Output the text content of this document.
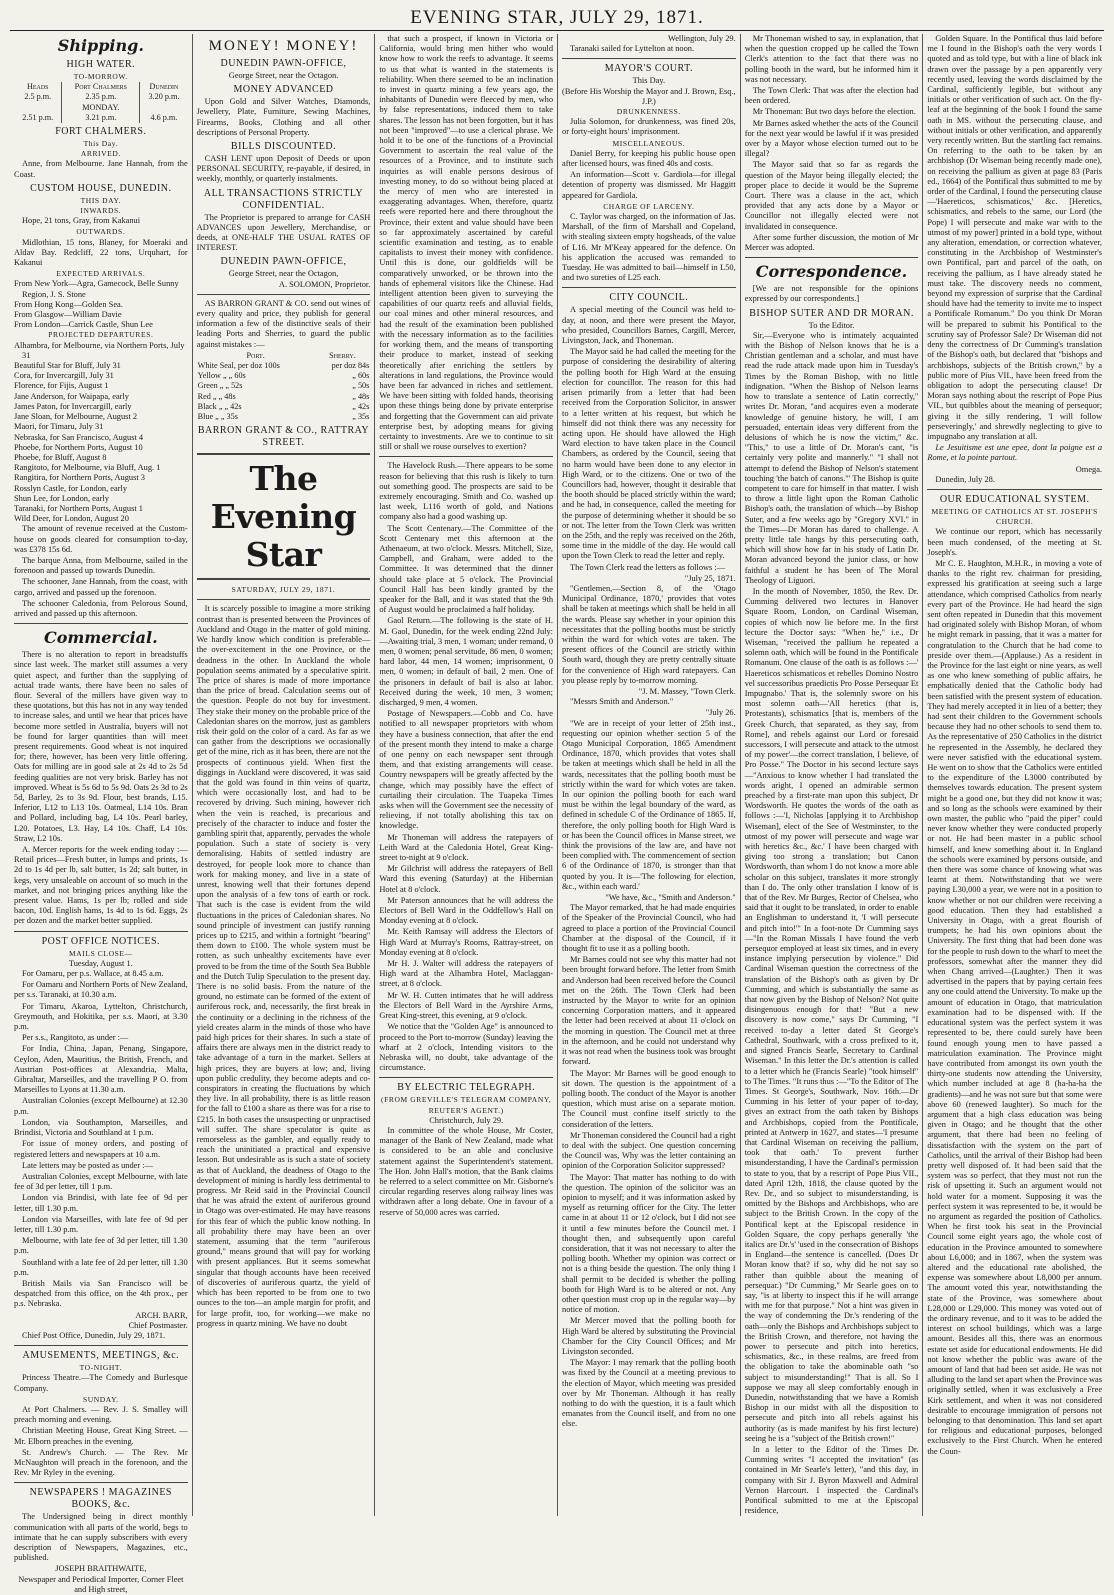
EVENING STAR, JULY 29, 1871.
Shipping.
HIGH WATER.
TO-MORROW.
Heads	Port Chalmers	Dunedin
2.5 p.m.	2.35 p.m.	3.20 p.m.
	MONDAY.	
2.51 p.m.	3.21 p.m.	4.6 p.m.
FORT CHALMERS.
This Day.
ARRIVED.

Anne, from Melbourne. Jane Hannah, from the Coast.

CUSTOM HOUSE, DUNEDIN.
THIS DAY.
INWARDS.

Hope, 21 tons, Gray, from Kakanui

OUTWARDS.

Midlothian, 15 tons, Blaney, for Moeraki and Aldav Bay. Redcliff, 22 tons, Urquhart, for Kakanui

EXPECTED ARRIVALS.
From New York—Agra, Gamecock, Belle Sunny Region, J. S. Stone
From Hong Kong—Golden Sea.
From Glasgow—William Davie
From London—Carrick Castle, Shun Lee
PROJECTED DEPARTURES.
Alhambra, for Melbourne, via Northern Ports, July 31
Beautiful Star for Bluff, July 31
Cora, for Invercargill, July 31
Florence, for Fijis, August 1
Jane Anderson, for Waipapa, early
James Paton, for Invercargill, early
Jane Sloan, for Melbourne, August 2
Maori, for Timaru, July 31
Nebraska, for San Francisco, August 4
Phoebe, for Northern Ports, August 10
Phoebe, for Bluff, August 8
Rangitoto, for Melbourne, via Bluff, Aug. 1
Rangitira, for Northern Ports, August 3
Rosslyn Castle, for London, early
Shun Lee, for London, early
Taranaki, for Northern Ports, August 1
Wild Deer, for London, August 20

The amount of revenue received at the Custom-house on goods cleared for consumption to-day, was £378 15s 6d.

The barque Anna, from Melbourne, sailed in the forenoon and passed up towards Dunedin.

The schooner, Jane Hannah, from the coast, with cargo, arrived and passed up the forenoon.

The schooner Caledonia, from Pelorous Sound, arrived and passed up this afternoon.

Commercial.

There is no alteration to report in breadstuffs since last week. The market still assumes a very quiet aspect, and further than the supplying of actual trade wants, there have been no sales of flour. Several of the millers have given way to these quotations, but this has not in any way tended to increase sales, and until we hear that prices have become more settled in Australia, buyers will not be found for larger quantities than will meet present requirements. Good wheat is not inquired for; there, however, has been very little offering. Oats for milling are in good sale at 2s 4d to 2s 5d feeding qualities are not very brisk. Barley has not improved. Wheat is 5s 6d to 5s 9d. Oats 2s 3d to 2s 5d, Barley, 2s to 3s 9d. Flour, best brands, L15. Inferior, L12 to L13 10s. Oatmeal, L14 10s. Bran and Pollard, including bag, L4 10s. Pearl barley, L20. Potatoes, L3. Hay, L4 10s. Chaff, L4 10s. Straw, L2 10s.

A. Mercer reports for the week ending today :—Retail prices—Fresh butter, in lumps and prints, 1s 2d to 1s 4d per lb, salt butter, 1s 2d; salt butter, in kegs, very unsaleable on account of so much in the market, and not bringing prices anything like the present value. Hams, 1s per lb; rolled and side bacon, 10d. English hams, 1s 4d to 1s 6d. Eggs, 2s per dozen and the market better supplied.

POST OFFICE NOTICES.
MAILS CLOSE—
Tuesday, August 1.

For Oamaru, per p.s. Wallace, at 8.45 a.m.

For Oamaru and Northern Ports of New Zealand, per s.s. Taranaki, at 10.30 a.m.

For Timaru, Akaroa, Lyttelton, Christchurch, Greymouth, and Hokitika, per s.s. Maori, at 3.30 p.m.

Per s.s., Rangitoto, as under :—

For India, China, Japan, Penang, Singapore, Ceylon, Aden, Mauritius, the British, French, and Austrian Post-offices at Alexandria, Malta, Gibraltar, Marseilles, and the travelling P O. from Marseilles to Lyons at 11.30 a.m.

Australian Colonies (except Melbourne) at 12.30 p.m.

London, via Southampton, Marseilles, and Brindisi, Victoria and Southland at 1 p.m.

For issue of money orders, and posting of registered letters and newspapers at 10 a.m.

Late letters may be posted as under :—

Australian Colonies, except Melbourne, with late fee of 3d per letter, till 1 p.m.

London via Brindisi, with late fee of 9d per letter, till 1.30 p.m.

London via Marseilles, with late fee of 9d per letter, till 1.30 p.m.

Melbourne, with late fee of 3d per letter, till 1.30 p.m.

Southland with a late fee of 2d per letter, till 1.30 p.m.

British Mails via San Francisco will be despatched from this office, on the 4th prox., per p.s. Nebraska.

ARCH. BARR,
Chief Postmaster.

Chief Post Office, Dunedin, July 29, 1871.

AMUSEMENTS, MEETINGS, &c.
TO-NIGHT.

Princess Theatre.—The Comedy and Burlesque Company.

SUNDAY.

At Port Chalmers. — Rev. J. S. Smalley will preach morning and evening.

Christian Meeting House, Great King Street. —Mr. Elborn preaches in the evening.

St. Andrew's Church. — The Rev. Mr McNaughton will preach in the forenoon, and the Rev. Mr Ryley in the evening.

NEWSPAPERS ! MAGAZINES BOOKS, &c.

The Undersigned being in direct monthly communication with all parts of the world, begs to intimate that he can supply subscribers with every description of Newspapers, Magazines, etc., published.

JOSEPH BRAITHWAITE,
Newspaper and Periodical Importer, Corner Fleet and High street,
MONEY! MONEY!
DUNEDIN PAWN-OFFICE,
George Street, near the Octagon.
MONEY ADVANCED

Upon Gold and Silver Watches, Diamonds, Jewellery, Plate, Furniture, Sewing Machines, Firearms, Books, Clothing and all other descriptions of Personal Property.

BILLS DISCOUNTED.

CASH LENT upon Deposit of Deeds or upon PERSONAL SECURITY, re-payable, if desired, in weekly, monthly, or quarterly instalments.

ALL TRANSACTIONS STRICTLY CONFIDENTIAL.

The Proprietor is prepared to arrange for CASH ADVANCES upon Jewellery, Merchandise, or deeds, at ONE-HALF THE USUAL RATES OF INTEREST.

DUNEDIN PAWN-OFFICE,
George Street, near the Octagon,
A. SOLOMON, Proprietor.

AS BARRON GRANT & CO. send out wines of every quality and price, they publish for general information a few of the distinctive seals of their leading Ports and Sherries, to guard the public against mistakes :—

Port.	Sherry.
White Seal, per doz 100s	per doz 84s
Yellow „ „ 60s	„ 60s
Green „ „ 52s	„ 50s
Red „ „ 48s	„ 48s
Black „ „ 42s	„ 42s
Blue „ „ 35s	„ 35s
BARRON GRANT & CO., RATTRAY STREET.
The Evening Star
SATURDAY, JULY 29, 1871.

It is scarcely possible to imagine a more striking contrast than is presented between the Provinces of Auckland and Otago in the matter of gold mining. We hardly know which condition is preferable—the over-excitement in the one Province, or the deadness in the other. In Auckland the whole population seems animated by a speculative spirit. The price of shares is made of more importance than the price of bread. Calculation seems out of the question. People do not buy for investment. They stake their money on the probable price of the Caledonian shares on the morrow, just as gamblers risk their gold on the color of a card. As far as we can gather from the descriptions we occasionally get of the mine, rich as it has been, there are not the prospects of continuous yield. When first the diggings in Auckland were discovered, it was said that the gold was found in thin veins of quartz, which were occasionally lost, and had to be recovered by driving. Such mining, however rich when the vein is reached, is precarious and precisely of the character to induce and foster the gambling spirit that, apparently, pervades the whole population. Such a state of society is very demoralising. Habits of settled industry are destroyed, for people look more to chance than work for making money, and live in a state of unrest, knowing well that their fortunes depend upon the analysis of a few tons of earth or rock. That such is the case is evident from the wild fluctuations in the prices of Caledonian shares. No sound principle of investment can justify running prices up to £215, and within a fortnight "bearing" them down to £100. The whole system must be rotten, as such unhealthy excitements have ever proved to be from the time of the South Sea Bubble and the Dutch Tulip Speculation to the present day. There is no solid basis. From the nature of the ground, no estimate can be formed of the extent of auriferous rock, and, necessarily, the first break in the continuity or a declining in the richness of the yield creates alarm in the minds of those who have paid high prices for their shares. In such a state of affairs there are always men in the district ready to take advantage of a turn in the market. Sellers at high prices, they are buyers at low; and, living upon public credulity, they become adepts and co-conspirators in creating the fluctuations by which they live. In all probability, there is as little reason for the fall to £100 a share as there was for a rise to £215. In both cases the unsuspecting or unpractised will suffer. The share speculator is quite as remorseless as the gambler, and equally ready to reach the uninitiated a practical and expensive lesson. But undesirable as is such a state of society as that of Auckland, the deadness of Otago to the development of mining is hardly less detrimental to progress. Mr Reid said in the Provincial Council that he was afraid the extent of auriferous ground in Otago was over-estimated. He may have reasons for this fear of which the public know nothing. In all probability there may have been an over statement, assuming that the term "auriferous ground," means ground that will pay for working with present appliances. But it seems somewhat singular that though accounts have been received of discoveries of auriferous quartz, the yield of which has been reported to be from one to two ounces to the ton—an ample margin for profit, and for large profit, too, for working—we make no progress in quartz mining. We have no doubt

that such a prospect, if known in Victoria or California, would bring men hither who would know how to work the reefs to advantage. It seems to us that what is wanted in the statements is reliability. When there seemed to be an inclination to invest in quartz mining a few years ago, the inhabitants of Dunedin were fleeced by men, who by false representations, induced them to take shares. The lesson has not been forgotten, but it has not been "improved"—to use a clerical phrase. We hold it to be one of the functions of a Provincial Government to ascertain the real value of the resources of a Province, and to institute such inquiries as will enable persons desirous of investing money, to do so without being placed at the mercy of men who are interested in exaggerating advantages. When, therefore, quartz reefs were reported here and there throughout the Province, their extent and value should have been so far approximately ascertained by careful scientific examination and testing, as to enable capitalists to invest their money with confidence. Until this is done, our goldfields will be comparatively unworked, or be thrown into the hands of ephemeral visitors like the Chinese. Had intelligent attention been given to surveying the capabilities of our quartz reefs and alluvial fields, our coal mines and other mineral resources, and had the result of the examination been published with the necessary information as to the facilities for working them, and the means of transporting their produce to market, instead of seeking theoretically after enriching the settlers by alterations in land regulations, the Province would have been far advanced in riches and settlement. We have been sitting with folded hands, theorising upon these things being done by private enterprise and forgetting that the Government can aid private enterprise best, by adopting means for giving certainty to investments. Are we to continue to sit still or shall we rouse ourselves to exertion?

The Havelock Rush.—There appears to be some reason for believing that this rush is likely to turn out something good. The prospects are said to be extremely encouraging. Smith and Co. washed up last week, L116 worth of gold, and Nations company also had a good washing up.

The Scott Centenary.—The Committee of the Scott Centenary met this afternoon at the Athenaeum, at two o'clock. Messrs. Mitchell, Size, Campbell, and Graham, were added to the Committee. It was determined that the dinner should take place at 5 o'clock. The Provincial Council Hall has been kindly granted by the speaker for the Ball, and it was stated that the 9th of August would be proclaimed a half holiday.

Gaol Return.—The following is the state of H. M. Gaol, Dunedin, for the week ending 22nd July:—Awaiting trial, 3 men, 1 woman; under remand, 0 men, 0 women; penal servitude, 86 men, 0 women; hard labor, 44 men, 14 women; imprisonment, 0 men, 0 women; in default of bail, 2 men. One of the prisoners in default of bail is also at labor. Received during the week, 10 men, 3 women; discharged, 9 men, 4 women.

Postage of Newspapers.—Cobb and Co. have notified to all newspaper proprietors with whom they have a business connection, that after the end of the present month they intend to make a charge of one penny on each newspaper sent through them, and that existing arrangements will cease. Country newspapers will be greatly affected by the change, which may possibly have the effect of curtailing their circulation. The Tuapeka Times asks when will the Government see the necessity of relieving, if not totally abolishing this tax on knowledge.

Mr Thoneman will address the ratepayers of Leith Ward at the Caledonia Hotel, Great King-street to-night at 9 o'clock.

Mr Gilchrist will address the ratepayers of Bell Ward this evening (Saturday) at the Hibernian Hotel at 8 o'clock.

Mr Paterson announces that he will address the Electors of Bell Ward in the Oddfellow's Hall on Monday evening at 8 o'clock.

Mr. Keith Ramsay will address the Electors of High Ward at Murray's Rooms, Rattray-street, on Monday evening at 8 o'clock.

Mr H. J. Walter will address the ratepayers of High ward at the Alhambra Hotel, Maclaggan-street, at 8 o'clock.

Mr W. H. Cutten intimates that he will address the Electors of Bell Ward in the Ayrshire Arms, Great King-street, this evening, at 9 o'clock.

We notice that the "Golden Age" is announced to proceed to the Port to-morrow (Sunday) leaving the wharf at 2 o'clock, Intending visitors to the Nebraska will, no doubt, take advantage of the circumstance.

BY ELECTRIC TELEGRAPH.
(FROM GREVILLE'S TELEGRAM COMPANY, REUTER'S AGENT.)
Christchurch, July 29.

In committee of the whole House, Mr Coster, manager of the Bank of New Zealand, made what is considered to be an able and conclusive statement against the Superintendent's statement. The Hon. John Hall's motion, that the Bank claims be referred to a select committee on Mr. Gisborne's circular regarding reserves along railway lines was withdrawn after a long debate. One in favour of a reserve of 50,000 acres was carried.

Wellington, July 29.

Taranaki sailed for Lyttelton at noon.

MAYOR'S COURT.
This Day.
(Before His Worship the Mayor and J. Brown, Esq., J.P.)
DRUNKENNESS.

Julia Solomon, for drunkenness, was fined 20s, or forty-eight hours' imprisonment.

MISCELLANEOUS.

Daniel Berry, for keeping his public house open after licensed hours, was fined 40s and costs.

An information—Scott v. Gardiola—for illegal detention of property was dismissed. Mr Haggitt appeared for Gardiola.

CHARGE OF LARCENY.

C. Taylor was charged, on the information of Jas. Marshall, of the firm of Marshall and Copeland, with stealing sixteen empty hogsheads, of the value of L16. Mr M'Keay appeared for the defence. On his application the accused was remanded to Tuesday. He was admitted to bail—himself in L50, and two sureties of L25 each.

CITY COUNCIL.

A special meeting of the Council was held to-day, at noon, and there were present the Mayor, who presided, Councillors Barnes, Cargill, Mercer, Livingston, Jack, and Thoneman.

The Mayor said he had called the meeting for the purpose of considering the desirability of altering the polling booth for High Ward at the ensuing election for councillor. The reason for this had arisen primarily from a letter that had been received from the Corporation Solicitor, in answer to a letter written at his request, but which he himself did not think there was any necessity for acting upon. He should have allowed the High Ward election to have taken place in the Council Chambers, as ordered by the Council, seeing that no harm would have been done to any elector in High Ward, or to the citizens. One or two of the Councillors had, however, thought it desirable that the booth should be placed strictly within the ward; and he had, in consequence, called the meeting for the purpose of determining whether it should be so or not. The letter from the Town Clerk was written on the 25th, and the reply was received on the 26th, some time in the middle of the day. He would call upon the Town Clerk to read the letter and reply.

The Town Clerk read the letters as follows :—

"July 25, 1871.

"Gentlemen,—Section 8, of the 'Otago Municipal Ordinance, 1870,' provides that votes shall be taken at meetings which shall be held in all the wards. Please say whether in your opinion this necessitates that the polling booths must be strictly within the ward for which votes are taken. The present offices of the Council are strictly within South ward, though they are pretty centrally situate for the convenience of High ward ratepayers. Can you please reply by to-morrow morning.

"J. M. Massey, "Town Clerk.

"Messrs Smith and Anderson."

"July 26.

"We are in receipt of your letter of 25th inst., requesting our opinion whether section 5 of the Otago Municipal Corporation, 1865 Amendment Ordinance, 1870, which provides that votes shall be taken at meetings which shall be held in all the wards, necessitates that the polling booth must be strictly within the ward for which votes are taken. In our opinion the polling booth for each ward must be within the legal boundary of the ward, as defined in schedule C of the Ordinance of 1865. If, therefore, the only polling booth for High Ward is or has been the Council offices in Manse street, we think the provisions of the law are, and have not been complied with. The commencement of section 6 of the Ordinance of 1870, is stronger than that quoted by you. It is—'The following for election, &c., within each ward.'

"We have, &c., "Smith and Anderson."

The Mayor remarked, that he had made enquiries of the Speaker of the Provincial Council, who had agreed to place a portion of the Provincial Council Chamber at the disposal of the Council, if it thought fit to use it as a polling booth.

Mr Barnes could not see why this matter had not been brought forward before. The letter from Smith and Anderson had been received before the Council met on the 26th. The Town Clerk had been instructed by the Mayor to write for an opinion concerning Corporation matters, and it appeared the letter had been received at about 11 o'clock on the morning in question. The Council met at three in the afternoon, and he could not understand why it was not read when the business took was brought forward.

The Mayor: Mr Barnes will be good enough to sit down. The question is the appointment of a polling booth. The conduct of the Mayor is another question, which must arise on a separate motion. The Council must confine itself strictly to the consideration of the letters.

Mr Thoneman considered the Council had a right to deal with the subject. One question concerning the Council was, Why was the letter containing an opinion of the Corporation Solicitor suppressed?

The Mayor: That matter has nothing to do with the question. The opinion of the solicitor was an opinion to myself; and it was information asked by myself as returning officer for the City. The letter came in at about 11 or 12 o'clock, but I did not see it until a few minutes before the Council met. I thought then, and subsequently upon careful consideration, that it was not necessary to alter the polling booth. Whether my opinion was correct or not is a thing beside the question. The only thing I shall permit to be decided is whether the polling booth for High Ward is to be altered or not. Any other question must crop up in the regular way—by notice of motion.

Mr Mercer moved that the polling booth for High Ward be altered by substituting the Provincial Chamber for the City Council Offices; and Mr Livingston seconded.

The Mayor: I may remark that the polling booth was fixed by the Council at a meeting previous to the election of Mayor, which meeting was presided over by Mr Thoneman. Although it has really nothing to do with the question, it is a fault which emanates from the Council itself, and from no one else.

Mr Thoneman wished to say, in explanation, that when the question cropped up he called the Town Clerk's attention to the fact that there was no polling booth in the ward, but he informed him it was not necessary.

The Town Clerk: That was after the election had been ordered.

Mr Thoneman: But two days before the election.

Mr Barnes asked whether the acts of the Council for the next year would be lawful if it was presided over by a Mayor whose election turned out to be illegal?

The Mayor said that so far as regards the question of the Mayor being illegally elected; the proper place to decide it would be the Supreme Court. There was a clause in the act, which provided that any acts done by a Mayor or Councillor not illegally elected were not invalidated in consequence.

After some further discussion, the motion of Mr Mercer was adopted.

Correspondence.

[We are not responsible for the opinions expressed by our correspondents.]

BISHOP SUTER AND DR MORAN.
To the Editor.

Sir,—Everyone who is intimately acquainted with the Bishop of Nelson knows that he is a Christian gentleman and a scholar, and must have read the rude attack made upon him in Tuesday's Times by the Roman Bishop, with no little indignation. "When the Bishop of Nelson learns how to translate a sentence of Latin correctly," writes Dr. Moran, "and acquires even a moderate knowledge of genuine history, he will, I am persuaded, entertain ideas very different from the delusions of which he is now the victim," &c. "This," to use a little of Dr. Moran's cant, "is certainly very polite and mannerly." "I shall not attempt to defend the Bishop of Nelson's statement touching 'the batch of canons.'" The Bishop is quite competent to care for himself in that matter. I wish to throw a little light upon the Roman Catholic Bishop's oath, the translation of which—by Bishop Suter, and a few weeks ago by "Gregory XVI." in the Times—Dr Moran has dared to challenge. A pretty little tale hangs by this persecuting oath, which will show how far in his study of Latin Dr. Moran advanced beyond the junior class, or how faithful a student he has been of The Moral Theology of Liguori.

In the month of November, 1850, the Rev. Dr. Cumming delivered two lectures in Hanover Square Room, London, on Cardinal Wiseman, copies of which now lie before me. In the first lecture the Doctor says: "When he," i.e., Dr Wiseman, "received the pallium he repeated a solemn oath, which will be found in the Pontificale Romanum. One clause of the oath is as follows :—' Haereticos schismaticos et rebelles Domino Nostro vel successoribus praedictis Pro Posse Persequar Et Impugnabo.' That is, the solemnly swore on his most solemn oath—'All heretics (that is, Protestants), schismatics [that is, members of the Greek Church, that separated, as they say, from Rome], and rebels against our Lord or foresaid successors, I will persecute and attack to the utmost of my power'—the correct translation, I believe, of Pro Posse." The Doctor in his second lecture says—"Anxious to know whether I had translated the words aright, I opened an admirable sermon preached by a first-rate man upon this subject, Dr Wordsworth. He quotes the words of the oath as follows :—'I, Nicholas [applying it to Archbishop Wiseman], elect of the See of Westminster, to the utmost of my power will persecute and wage war with heretics &c., &c.' I have been charged with giving too strong a translation; but Canon Wordsworth, than whom I do not know a more able scholar on this subject, translates it more strongly than I do. The only other translation I know of is that of the Rev. Mr Burges, Rector of Chelsea, who said that it ought to be translated, in order to enable an Englishman to understand it, 'I will persecute and pitch into!'" In a foot-note Dr Cumming says—"In the Roman Missals I have found the verb persequor employed at least six times, and in every instance implying persecution by violence." Did Cardinal Wiseman question the correctness of the translation of the Bishop's oath as given by Dr Cumming, and which is substantially the same as that now given by the Bishop of Nelson? Not quite disingenuous enough for that! "But a new discovery is now come," says Dr Cumming, "I received to-day a letter dated St George's Cathedral, Southwark, with a cross prefixed to it, and signed Francis Searle, Secretary to Cardinal Wiseman." In this letter the Dr.'s attention is called to a letter which he (Francis Searle) "took himself" to The Times. "It runs thus :—"To the Editor of The Times. St George's, Southwark, Nov. 16th.—Dr Cumming in his letter of your paper of to-day, gives an extract from the oath taken by Bishops and Archbishops, copied from the Pontificale, printed at Antwerp in 1627, and states—'I presume that Cardinal Wiseman on receiving the pallium, took that oath.' To prevent further misunderstanding, I have the Cardinal's permission to state to you, that by a rescript of Pope Pius VII., dated April 12th, 1818, the clause quoted by the Rev. Dr., and so subject to misunderstanding, is omitted by the Bishops and Archbishops, who are subject to the British Crown. In the copy of the Pontifical kept at the Episcopal residence in Golden Square, the copy perhaps generally 'the italics are Dr.'s' 'used in the consecration of Bishops in England—the sentence is cancelled. (Does Dr Moran know that? if so, why did he not say so rather than quibble about the meaning of persequar.) "Dr Cumming," Mr Searle goes on to say, "is at liberty to inspect this if he will arrange with me for that purpose." Not a hint was given in the way of condemning the Dr.'s rendering of the oath—only the Bishops and Archbishops subject to the British Crown, and therefore, not having the power to persecute and pitch into heretics, schismatics, &c., in these realms, are freed from the obligation to take the abominable oath "so subject to misunderstanding!" That is all. So I suppose we may all sleep comfortably enough in Dunedin, notwithstanding that we have a Romish Bishop in our midst with all the disposition to persecute and pitch into all rebels against his authority (as is made manifest by his first lecture) seeing he is a "subject of the British crown!"

In a letter to the Editor of the Times Dr. Cumming writes "I accepted the invitation" (as contained in Mr Searle's letter), "and this day, in company with Sir J. Byron Maxwell and Admiral Vernon Harcourt. I inspected the Cardinal's Pontifical submitted to me at the Episcopal residence,

Golden Square. In the Pontifical thus laid before me I found in the Bishop's oath the very words I quoted and as told type, but with a line of black ink drawn over the passage by a pen apparently very recently used, leaving the words disclaimed by the Cardinal, sufficiently legible, but without any initials or other verification of such act. On the fly-leaf at the beginning of the book I found the same oath in MS. without the persecuting clause, and without initials or other verification, and apparently very recently written. But the startling fact remains. On referring to the oath to be taken by an archbishop (Dr Wiseman being recently made one), on receiving the pallium as given at page 83 (Paris ed., 1664) of the Pontifical thus submitted to me by order of the Cardinal, I found the persecuting clause—'Haereticos, schismaticos,' &c. [Heretics, schismatics, and rebels to the same, our Lord (the Pope) I will persecute and make war with to the utmost of my power] printed in a bold type, without any alteration, emendation, or correction whatever, constituting in the Archbishop of Westminster's own Pontifical, part and parcel of the oath, on receiving the pallium, as I have already stated he must take. The discovery needs no comment, beyond my expression of surprise that the Cardinal should have had the temerity to invite me to inspect a Pontificale Romanum." Do you think Dr Moran will be prepared to submit his Pontifical to the scrutiny say of Professor Sale? Dr Wiseman did not deny the correctness of Dr Cumming's translation of the Bishop's oath, but declared that "bishops and archbishops, subjects of the British crown," by a public more of Pius VII., have been freed from the obligation to adopt the persecuting clause! Dr Moran says nothing about the rescript of Pope Pius VII., but quibbles about the meaning of persequor; giving it the silly rendering, 'I will follow perseveringly,' and shrewdly neglecting to give to impugnabo any translation at all.

Le Jesuitisme est une epee, dont la poigne est a Rome, et la pointe partout.

Omega.

Dunedin, July 28.

OUR EDUCATIONAL SYSTEM.
MEETING OF CATHOLICS AT ST. JOSEPH'S CHURCH.

We continue our report, which has necessarily been much condensed, of the meeting at St. Joseph's.

Mr C. E. Haughton, M.H.R., in moving a vote of thanks to the right rev. chairman for presiding, expressed his gratification at seeing such a large attendance, which comprised Catholics from nearly every part of the Province. He had heard the sign sent often repeated in Dunedin that this movement had originated solely with Bishop Moran, of whom he might remark in passing, that it was a matter for congratulation to the Church that he had come to preside over them.—(Applause.) As a resident in the Province for the last eight or nine years, as well as one who knew something of public affairs, he emphatically denied that the Catholic body had been satisfied with the present system of education. They had merely accepted it in lieu of a better; they had sent their children to the Government schools because they had no other schools to send them to. As the representative of 250 Catholics in the district he represented in the Assembly, he declared they were never satisfied with the educational system. He went on to show that the Catholics were entitled to the expenditure of the L3000 contributed by themselves towards education. The present system might be a good one, but they did not know it was; and so long as the schools were examined by their own master, the public who "paid the piper" could never know whether they were conducted properly or not. He had been master in a public school himself, and knew something about it. In England the schools were examined by persons outside, and then there was some chance of knowing what was learnt at them. Notwithstanding that we were paying L30,000 a year, we were not in a position to know whether or not our children were receiving a good education. Then they had established a University in Otago, with a great flourish of trumpets; he had his own opinions about the University. The first thing that had been done was for the people to rush down to the wharf to meet the professors, somewhat after the manner they did when Chang arrived—(Laughter.) Then it was advertised in the papers that by paying certain fees any one could attend the University. To make up the amount of education in Otago, that matriculation examination had to be dispensed with. If the educational system was the perfect system it was represented to be, there could surely have been found enough young men to have passed a matriculation examination. The Province might have contributed from amongst its own youth the thirty-one students now attending the University, which number included at age 8 (ha-ha-ha the gradients)—and he was not sure but that some were above 60 (renewed laughter). So much for the argument that a high class education was being given in Otago; and he thought that the other argument, that there had been no feeling of dissatisfaction with the system on the part of Catholics, until the arrival of their Bishop had been pretty well disposed of. It had been said that the system was so perfect, that they must not run the risk of upsetting it. Such an argument would not hold water for a moment. Supposing it was the perfect system it was represented to be, it would be no argument as regarded the position of Catholics. When he first took his seat in the Provincial Council some eight years ago, the whole cost of education in the Province amounted to somewhere about L6,000; and in 1867, when the system was altered and the educational rate abolished, the expense was somewhere about L8,000 per annum. The amount voted this year, notwithstanding the state of the Province, was somewhere about L28,000 or L29,000. This money was voted out of the ordinary revenue, and to it was to be added the interest on school buildings, which was a large amount. Besides all this, there was an enormous estate set aside for educational endowments. He did not know whether the public was aware of the amount of land that had been set aside. He was not alluding to the land set apart when the Province was originally settled, when it was exclusively a Free Kirk settlement, and when it was not considered desirable to encourage immigration of persons not belonging to that denomination. This land set apart for religious and educational purposes, belonged exclusively to the First Church. When he entered the Coun-
